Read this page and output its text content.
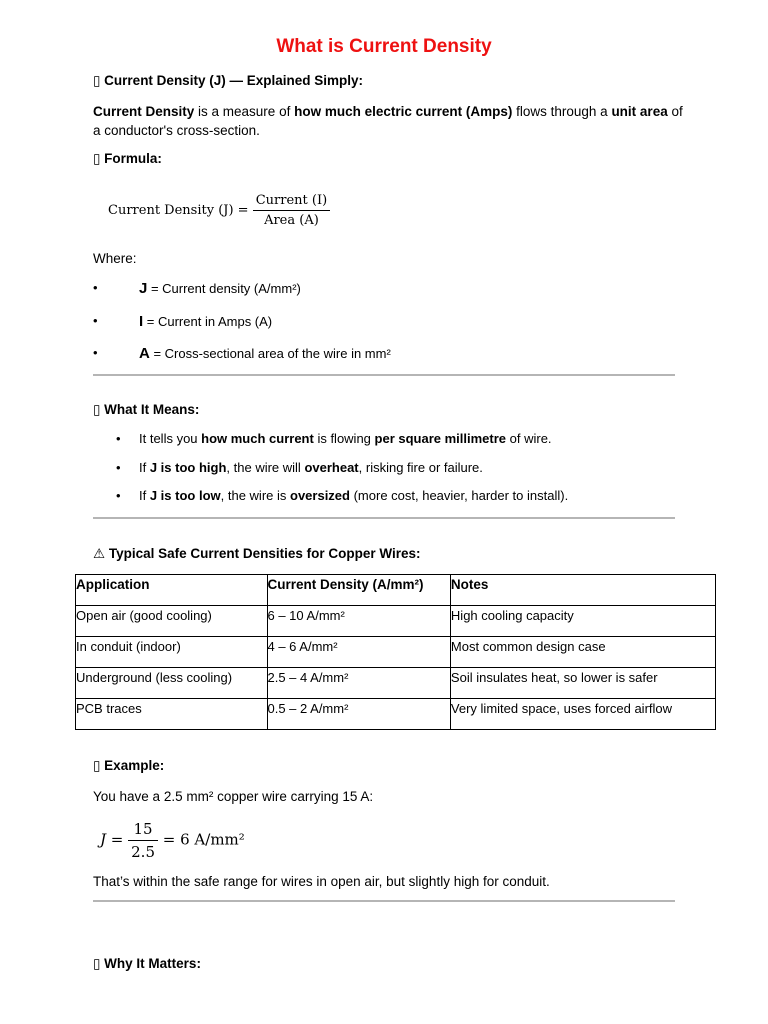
What is Current Density
▯ Current Density (J) — Explained Simply:
Current Density is a measure of how much electric current (Amps) flows through a unit area of a conductor's cross-section.
▯ Formula:
Current Density $(J) = \frac{\text{Current (I)}}{\text{Area (A)}}$
Where:
•	J = Current density (A/mm²)
•	I = Current in Amps (A)
•	A = Cross-sectional area of the wire in mm²
▯ What It Means:
• It tells you how much current is flowing per square millimetre of wire.
• If J is too high, the wire will overheat, risking fire or failure.
• If J is too low, the wire is oversized (more cost, heavier, harder to install).
⚠ Typical Safe Current Densities for Copper Wires:
Application	Current Density (A/mm²)	Notes

Open air (good cooling)	6 – 10 A/mm²	High cooling capacity

In conduit (indoor)	4 – 6 A/mm²	Most common design case

Underground (less cooling)	2.5 – 4 A/mm²	Soil insulates heat, so lower is safer

PCB traces	0.5 – 2 A/mm²	Very limited space, uses forced airflow
▯ Example:
You have a 2.5 mm² copper wire carrying 15 A:
$J = \frac{15}{2.5} = 6$ A/mm²
That’s within the safe range for wires in open air, but slightly high for conduit.
▯ Why It Matters:
